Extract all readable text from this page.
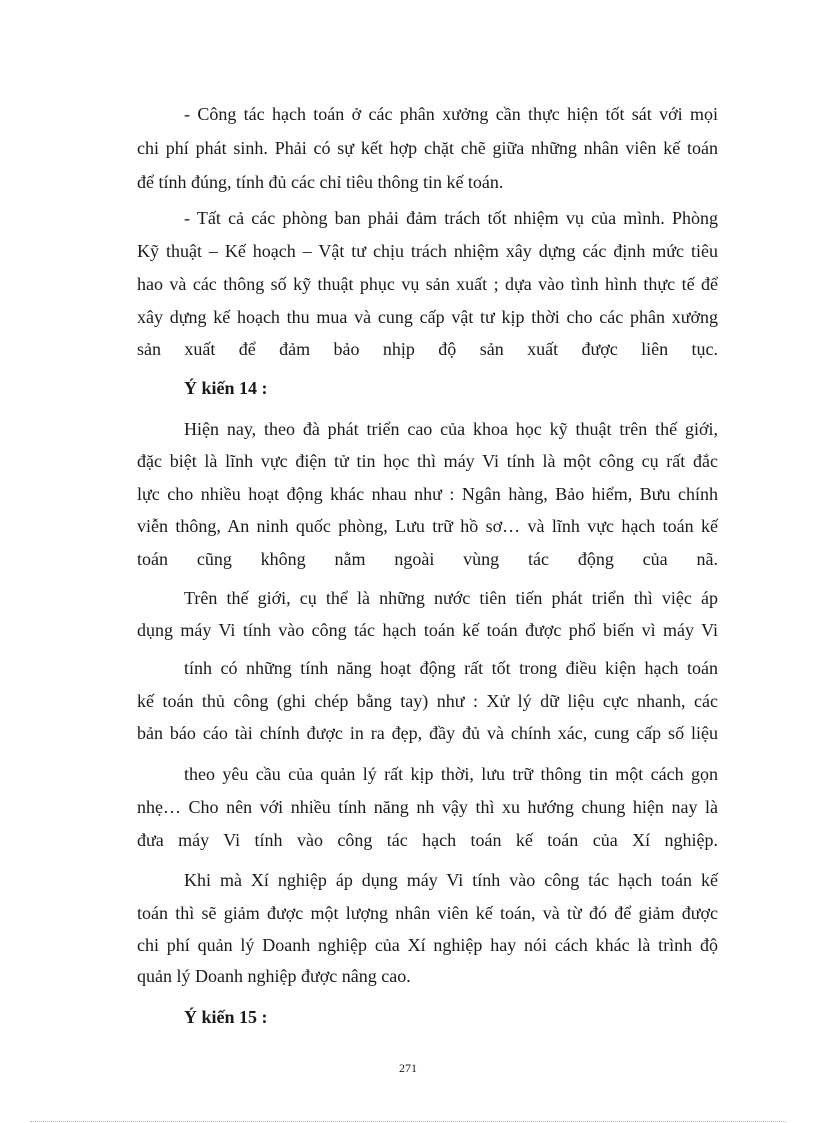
- Công tác hạch toán ở các phân xưởng cần thực hiện tốt sát với mọi
chi phí phát sinh. Phải có sự kết hợp chặt chẽ giữa những nhân viên kế toán
để tính đúng, tính đủ các chỉ tiêu thông tin kế toán.
- Tất cả các phòng ban phải đảm trách tốt nhiệm vụ của mình. Phòng
Kỹ thuật – Kế hoạch – Vật tư chịu trách nhiệm xây dựng các định mức tiêu
hao và các thông số kỹ thuật phục vụ sản xuất ; dựa vào tình hình thực tế để
xây dựng kế hoạch thu mua và cung cấp vật tư kịp thời cho các phân xưởng
sản xuất để đảm bảo nhịp độ sản xuất được liên tục.
Ý kiến 14 :
Hiện nay, theo đà phát triển cao của khoa học kỹ thuật trên thế giới,
đặc biệt là lĩnh vực điện tử tin học thì máy Vi tính là một công cụ rất đắc
lực cho nhiều hoạt động khác nhau như : Ngân hàng, Bảo hiểm, Bưu chính
viễn thông, An ninh quốc phòng, Lưu trữ hồ sơ… và lĩnh vực hạch toán kế
toán cũng không nằm ngoài vùng tác động của nã.
Trên thế giới, cụ thể là những nước tiên tiến phát triển thì việc áp
dụng máy Vi tính vào công tác hạch toán kế toán được phổ biến vì máy Vi
tính có những tính năng hoạt động rất tốt trong điều kiện hạch toán
kế toán thủ công (ghi chép bằng tay) như : Xử lý dữ liệu cực nhanh, các
bản báo cáo tài chính được in ra đẹp, đầy đủ và chính xác, cung cấp số liệu
theo yêu cầu của quản lý rất kịp thời, lưu trữ thông tin một cách gọn
nhẹ… Cho nên với nhiều tính năng nh vậy thì xu hướng chung hiện nay là
đưa máy Vi tính vào công tác hạch toán kế toán của Xí nghiệp.
Khi mà Xí nghiệp áp dụng máy Vi tính vào công tác hạch toán kế
toán thì sẽ giảm được một lượng nhân viên kế toán, và từ đó để giảm được
chi phí quản lý Doanh nghiệp của Xí nghiệp hay nói cách khác là trình độ
quản lý Doanh nghiệp được nâng cao.
Ý kiến 15 :
271
